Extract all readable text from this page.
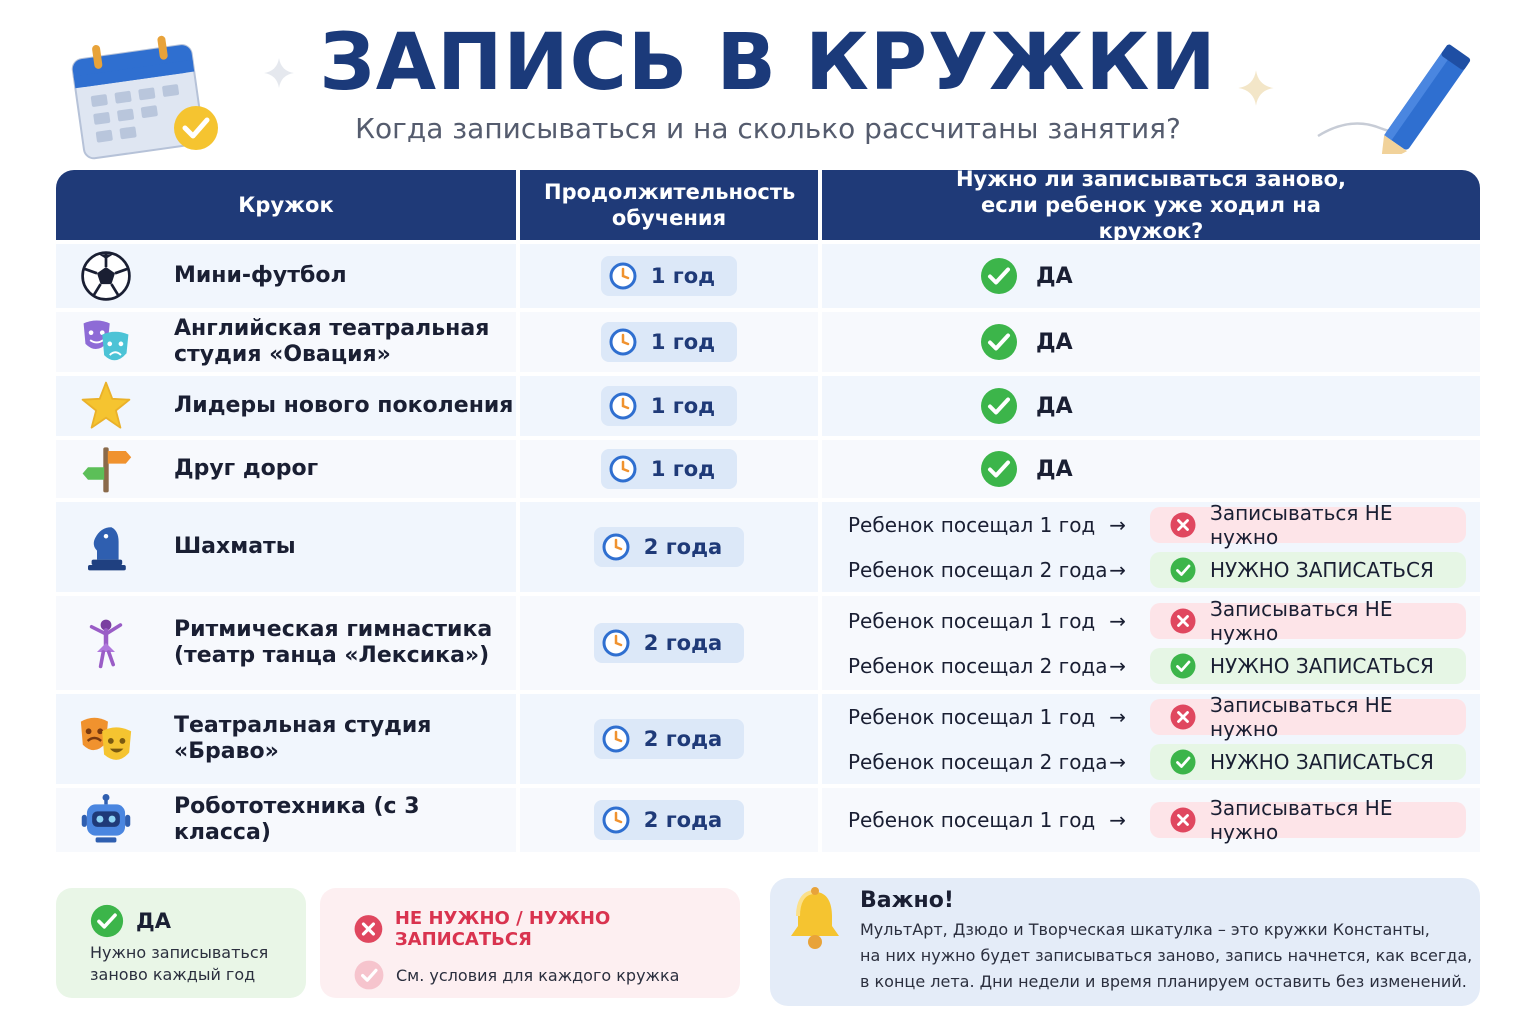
ЗАПИСЬ В КРУЖКИ
Когда записываться и на сколько рассчитаны занятия?
Кружок
Продолжительность обучения
Нужно ли записываться заново, если ребенок уже ходил на кружок?
Мини-футбол	1 год	ДА
Английская театральная
студия «Овация»	1 год	ДА
Лидеры нового поколения	1 год	ДА
Друг дорог	1 год	ДА
Шахматы	2 года
Ребенок посещал 1 год →	Записываться НЕ нужно
Ребенок посещал 2 года →	НУЖНО ЗАПИСАТЬСЯ
Ритмическая гимнастика
(театр танца «Лексика»)	2 года
Ребенок посещал 1 год →	Записываться НЕ нужно
Ребенок посещал 2 года →	НУЖНО ЗАПИСАТЬСЯ
Театральная студия «Браво»	2 года
Ребенок посещал 1 год →	Записываться НЕ нужно
Ребенок посещал 2 года →	НУЖНО ЗАПИСАТЬСЯ
Робототехника (с 3 класса)	2 года	Ребенок посещал 1 год →	Записываться НЕ нужно
ДА
Нужно записываться
заново каждый год
НЕ НУЖНО / НУЖНО ЗАПИСАТЬСЯ
См. условия для каждого кружка
Важно!
МультАрт, Дзюдо и Творческая шкатулка – это кружки Константы,
на них нужно будет записываться заново, запись начнется, как всегда,
в конце лета. Дни недели и время планируем оставить без изменений.
